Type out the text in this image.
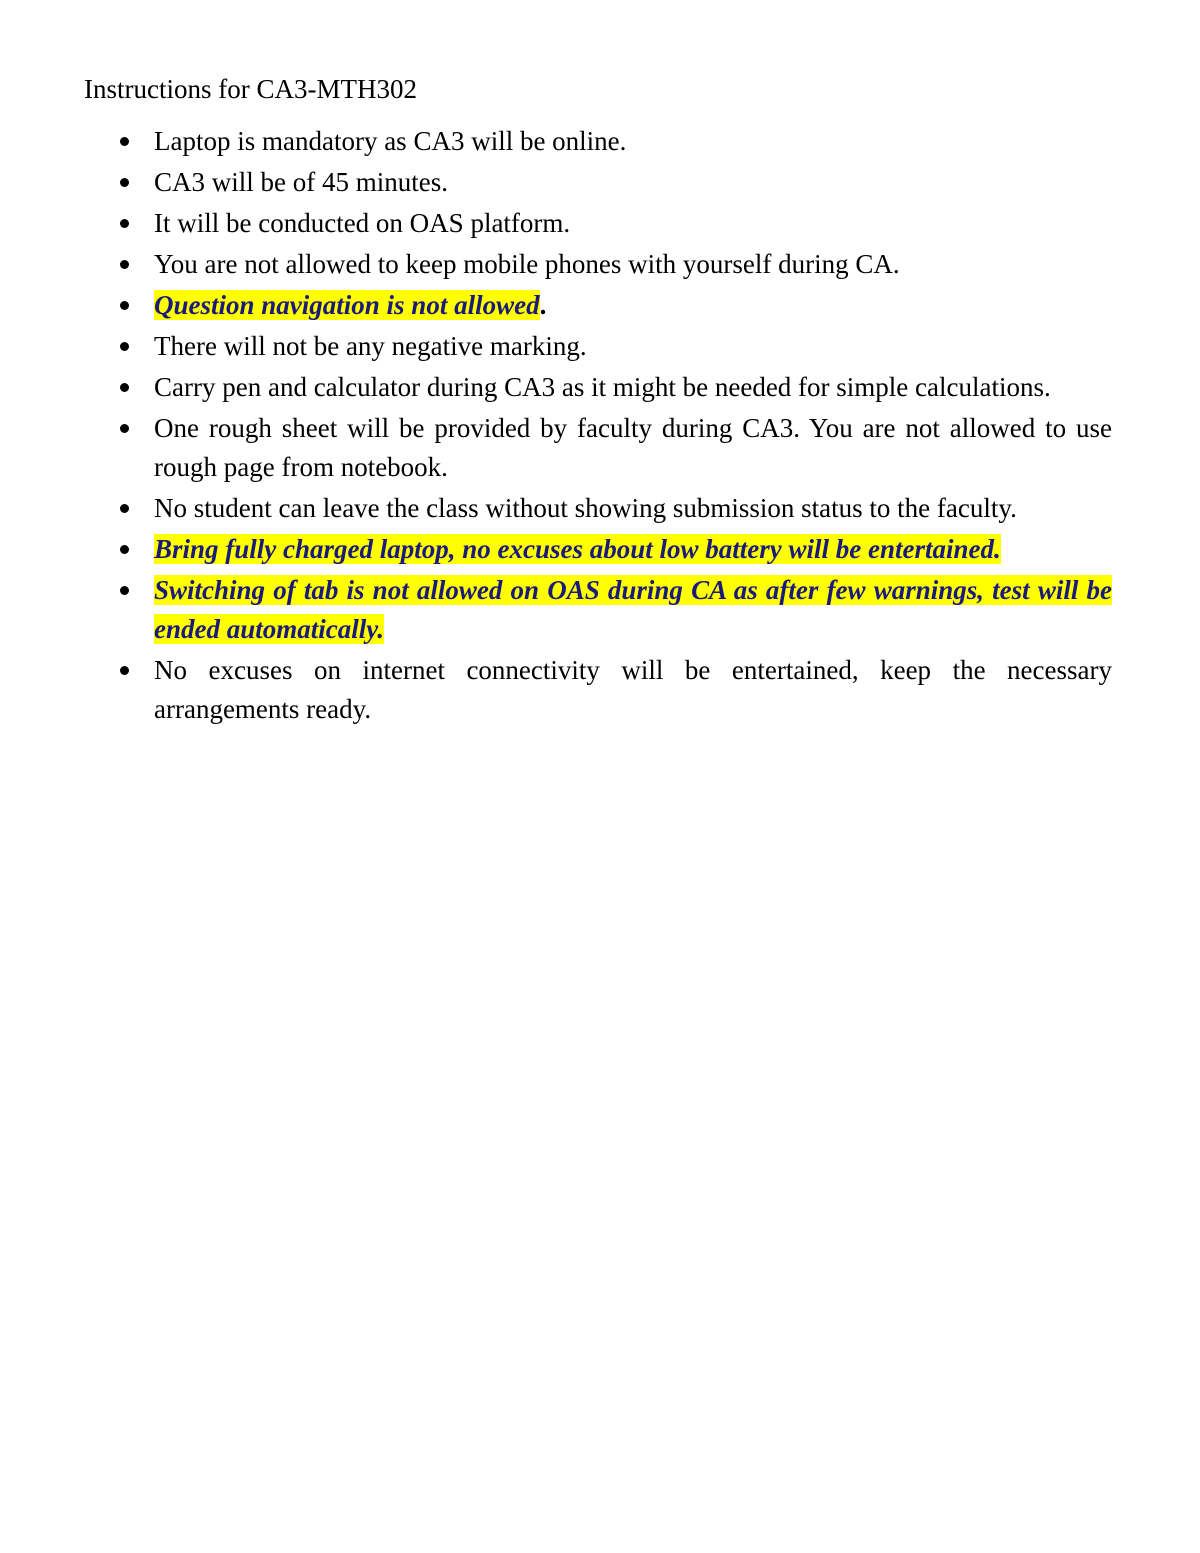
Instructions for CA3-MTH302
Laptop is mandatory as CA3 will be online.
CA3 will be of 45 minutes.
It will be conducted on OAS platform.
You are not allowed to keep mobile phones with yourself during CA.
Question navigation is not allowed.
There will not be any negative marking.
Carry pen and calculator during CA3 as it might be needed for simple calculations.
One rough sheet will be provided by faculty during CA3. You are not allowed to use rough page from notebook.
No student can leave the class without showing submission status to the faculty.
Bring fully charged laptop, no excuses about low battery will be entertained.
Switching of tab is not allowed on OAS during CA as after few warnings, test will be ended automatically.
No excuses on internet connectivity will be entertained, keep the necessary arrangements ready.
